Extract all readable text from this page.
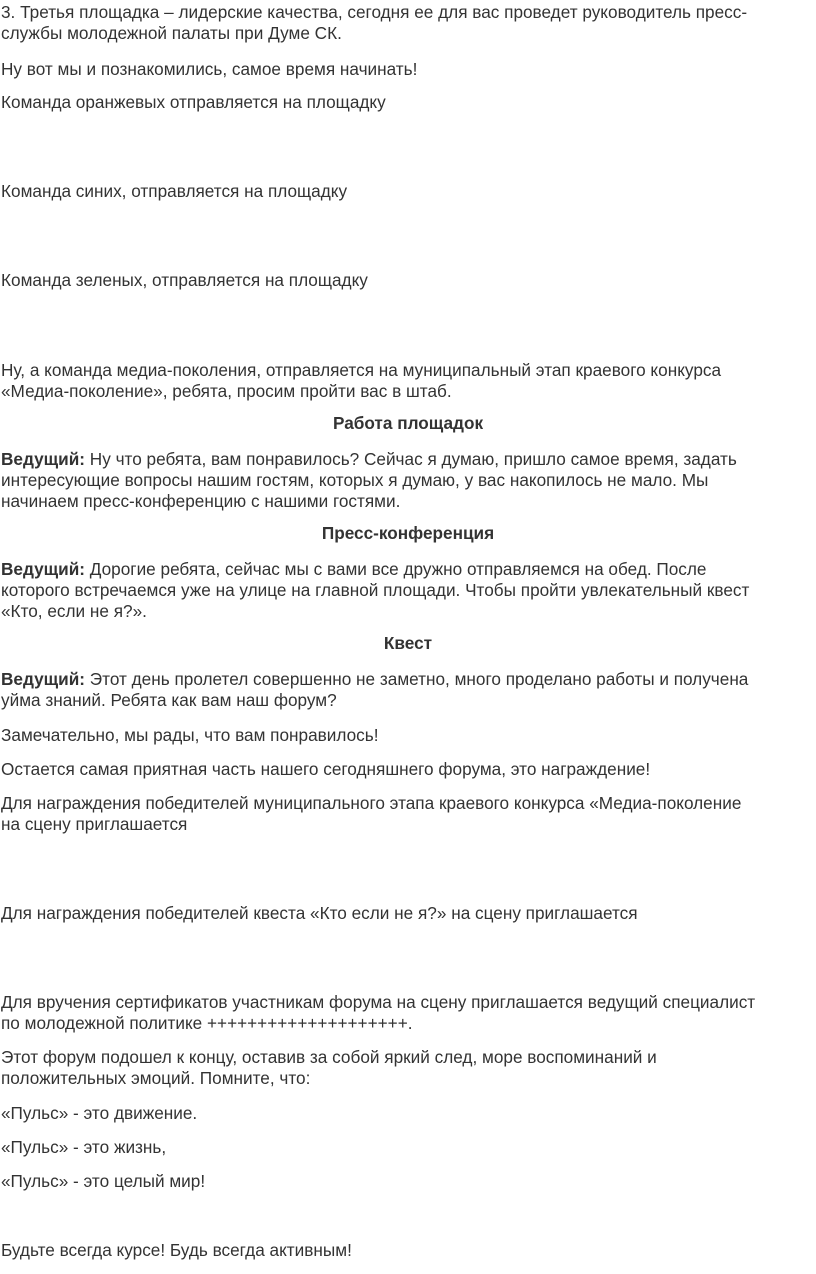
3. Третья площадка – лидерские качества, сегодня ее для вас проведет руководитель пресс-
службы молодежной палаты при Думе СК.

Ну вот мы и познакомились, самое время начинать!

Команда оранжевых отправляется на площадку

Команда синих, отправляется на площадку

Команда зеленых, отправляется на площадку

Ну, а команда медиа-поколения, отправляется на муниципальный этап краевого конкурса
«Медиа-поколение», ребята, просим пройти вас в штаб.

Работа площадок

Ведущий: Ну что ребята, вам понравилось? Сейчас я думаю, пришло самое время, задать
интересующие вопросы нашим гостям, которых я думаю, у вас накопилось не мало. Мы
начинаем пресс-конференцию с нашими гостями.

Пресс-конференция

Ведущий: Дорогие ребята, сейчас мы с вами все дружно отправляемся на обед. После
которого встречаемся уже на улице на главной площади. Чтобы пройти увлекательный квест
«Кто, если не я?».

Квест

Ведущий: Этот день пролетел совершенно не заметно, много проделано работы и получена
уйма знаний. Ребята как вам наш форум?

Замечательно, мы рады, что вам понравилось!

Остается самая приятная часть нашего сегодняшнего форума, это награждение!

Для награждения победителей муниципального этапа краевого конкурса «Медиа-поколение
на сцену приглашается

Для награждения победителей квеста «Кто если не я?» на сцену приглашается

Для вручения сертификатов участникам форума на сцену приглашается ведущий специалист
по молодежной политике ++++++++++++++++++++.

Этот форум подошел к концу, оставив за собой яркий след, море воспоминаний и
положительных эмоций. Помните, что:

«Пульс» - это движение.

«Пульс» - это жизнь,

«Пульс» - это целый мир!

Будьте всегда курсе! Будь всегда активным!
